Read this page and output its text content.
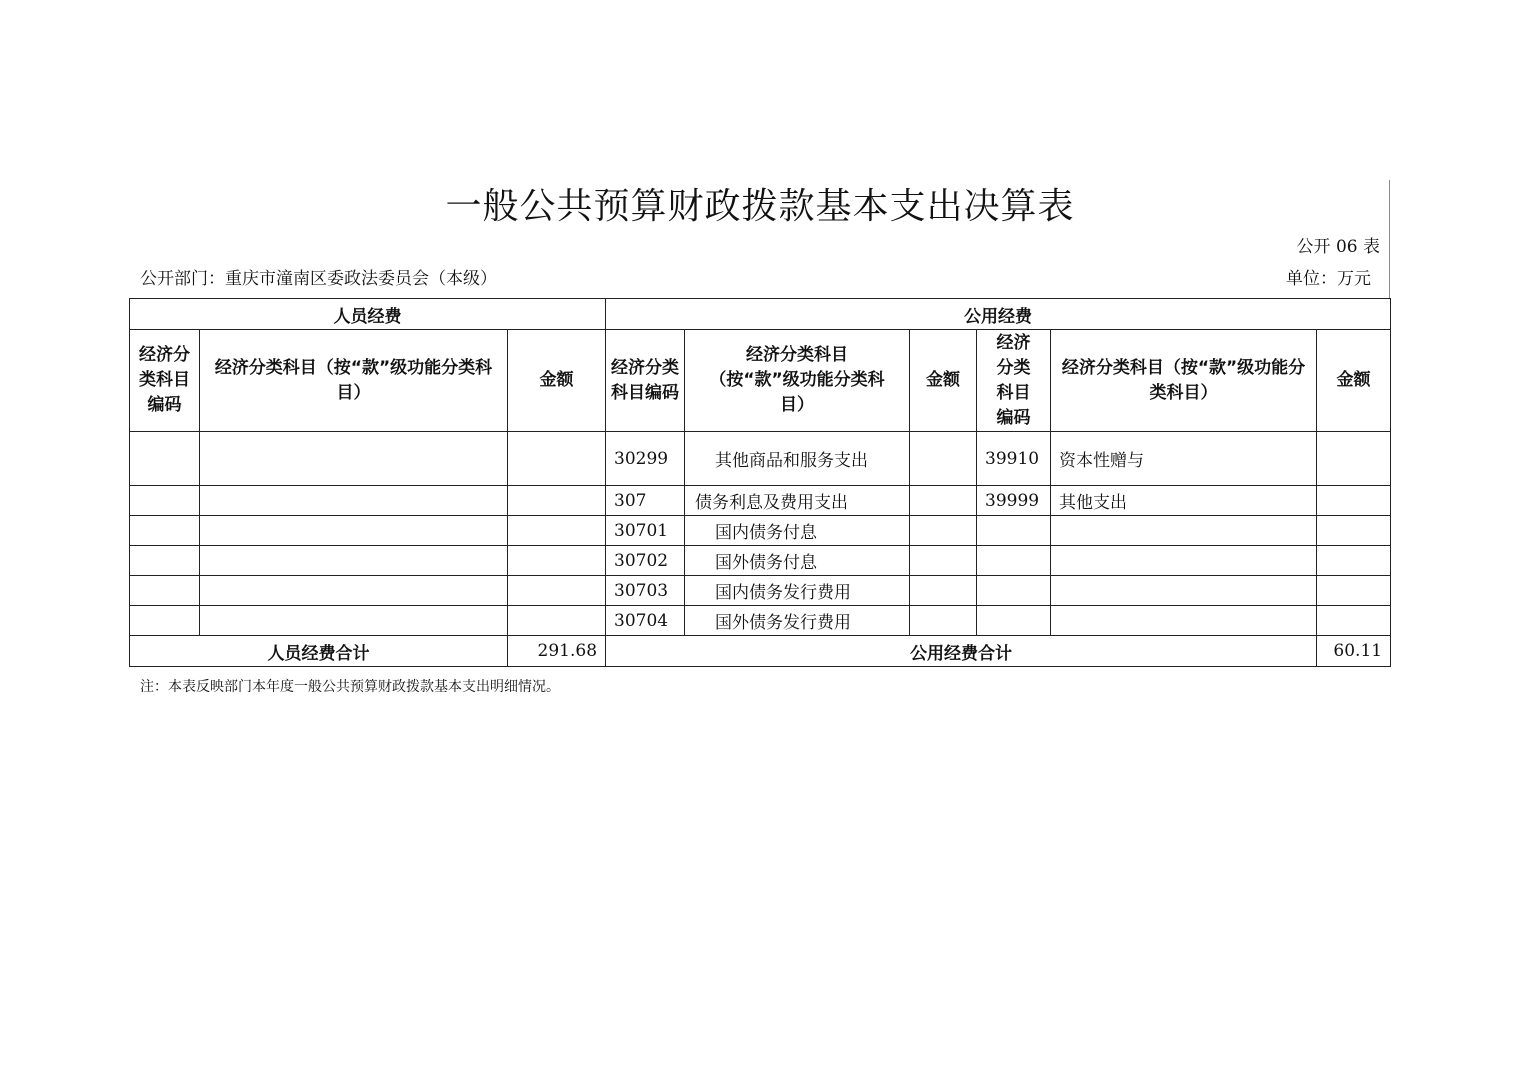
一般公共预算财政拨款基本支出决算表
公开 06 表
公开部门：重庆市潼南区委政法委员会（本级）	单位：万元
人员经费			公用经费					
经济分类科目编码	经济分类科目（按“款”级功能分类科目）	金额	经济分类科目编码	经济分类科目（按“款”级功能分类科目）	金额	经济分类科目编码	经济分类科目（按“款”级功能分类科目）	金额
			30299	其他商品和服务支出		39910	资本性赠与	
			307	债务利息及费用支出		39999	其他支出	
			30701	国内债务付息				
			30702	国外债务付息				
			30703	国内债务发行费用				
			30704	国外债务发行费用				
人员经费合计		291.68	公用经费合计					60.11
注：本表反映部门本年度一般公共预算财政拨款基本支出明细情况。
